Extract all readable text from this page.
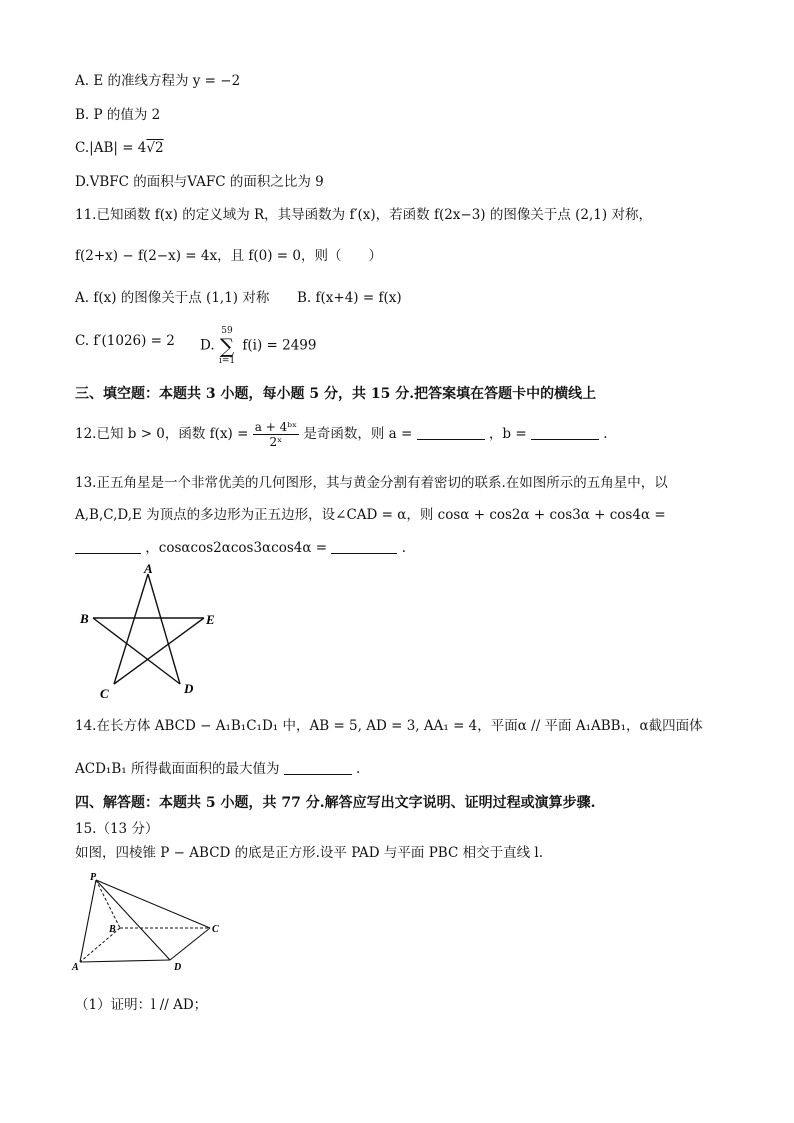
A. E 的准线方程为 y = −2
B. P 的值为 2
C.|AB| = 4√2
D.VBFC 的面积与VAFC 的面积之比为 9
11.已知函数 f(x) 的定义域为 R，其导函数为 f′(x)，若函数 f(2x−3) 的图像关于点 (2,1) 对称，
f(2+x) − f(2−x) = 4x，且 f(0) = 0，则（　　）
A. f(x) 的图像关于点 (1,1) 对称 B. f(x+4) = f(x)
C. f′(1026) = 2 D.
59
∑
i=1
f(i) = 2499
三、填空题：本题共 3 小题，每小题 5 分，共 15 分.把答案填在答题卡中的横线上
12.已知 b > 0，函数 $f(x) = \frac{\text{a + 4ᵇˣ}}{\text{2ˣ}}$ 是奇函数，则 a =	，b =	.
13.正五角星是一个非常优美的几何图形，其与黄金分割有着密切的联系.在如图所示的五角星中，以
A,B,C,D,E 为顶点的多边形为正五边形，设∠CAD = α，则 cosα + cos2α + cos3α + cos4α =
，cosαcos2αcos3αcos4α =	.
A
B	E
C	D
14.在长方体 ABCD − A₁B₁C₁D₁ 中，AB = 5, AD = 3, AA₁ = 4，平面α // 平面 A₁ABB₁，α截四面体
ACD₁B₁ 所得截面面积的最大值为	.
四、解答题：本题共 5 小题，共 77 分.解答应写出文字说明、证明过程或演算步骤.
15.（13 分）
如图，四棱锥 P − ABCD 的底是正方形.设平 PAD 与平面 PBC 相交于直线 l.
P
B	C
A	D
（1）证明：l // AD；
